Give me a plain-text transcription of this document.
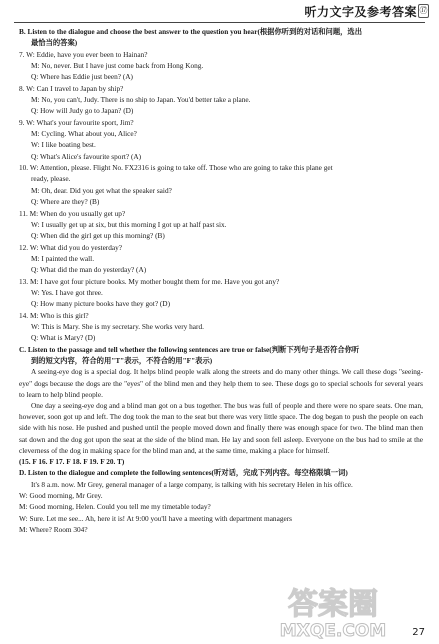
听力文字及参考答案 ⑰
B. Listen to the dialogue and choose the best answer to the question you hear(根据你听到的对话和问题，选出
最恰当的答案)
7. W: Eddie, have you ever been to Hainan?
M: No, never. But I have just come back from Hong Kong.
Q: Where has Eddie just been? (A)
8. W: Can I travel to Japan by ship?
M: No, you can't, Judy. There is no ship to Japan. You'd better take a plane.
Q: How will Judy go to Japan? (D)
9. W: What's your favourite sport, Jim?
M: Cycling. What about you, Alice?
W: I like boating best.
Q: What's Alice's favourite sport? (A)
10. W: Attention, please. Flight No. FX2316 is going to take off. Those who are going to take this plane get
ready, please.
M: Oh, dear. Did you get what the speaker said?
Q: Where are they? (B)
11. M: When do you usually get up?
W: I usually get up at six, but this morning I got up at half past six.
Q: When did the girl get up this morning? (B)
12. W: What did you do yesterday?
M: I painted the wall.
Q: What did the man do yesterday? (A)
13. M: I have got four picture books. My mother bought them for me. Have you got any?
W: Yes. I have got three.
Q: How many picture books have they got? (D)
14. M: Who is this girl?
W: This is Mary. She is my secretary. She works very hard.
Q: What is Mary? (D)
C. Listen to the passage and tell whether the following sentences are true or false(判断下列句子是否符合你听
到的短文内容，符合的用"T"表示，不符合的用"F"表示)

A seeing-eye dog is a special dog. It helps blind people walk along the streets and do many other things. We call these dogs "seeing-eye" dogs because the dogs are the "eyes" of the blind men and they help them to see. These dogs go to special schools for several years to learn to help blind people.

One day a seeing-eye dog and a blind man got on a bus together. The bus was full of people and there were no spare seats. One man, however, soon got up and left. The dog took the man to the seat but there was very little space. The dog began to push the people on each side with his nose. He pushed and pushed until the people moved down and finally there was enough space for two. The blind man then sat down and the dog got upon the seat at the side of the blind man. He lay and soon fell asleep. Everyone on the bus had to smile at the cleverness of the dog in making space for the blind man and, at the same time, making a place for himself.

(15. F 16. F 17. F 18. F 19. F 20. T)
D. Listen to the dialogue and complete the following sentences(听对话，完成下列内容。每空格限填一词)

It's 8 a.m. now. Mr Grey, general manager of a large company, is talking with his secretary Helen in his office.

W: Good morning, Mr Grey.
M: Good morning, Helen. Could you tell me my timetable today?
W: Sure. Let me see... Ah, here it is! At 9:00 you'll have a meeting with department managers
M: Where? Room 304?
答案圈
MXQE.COM	27
